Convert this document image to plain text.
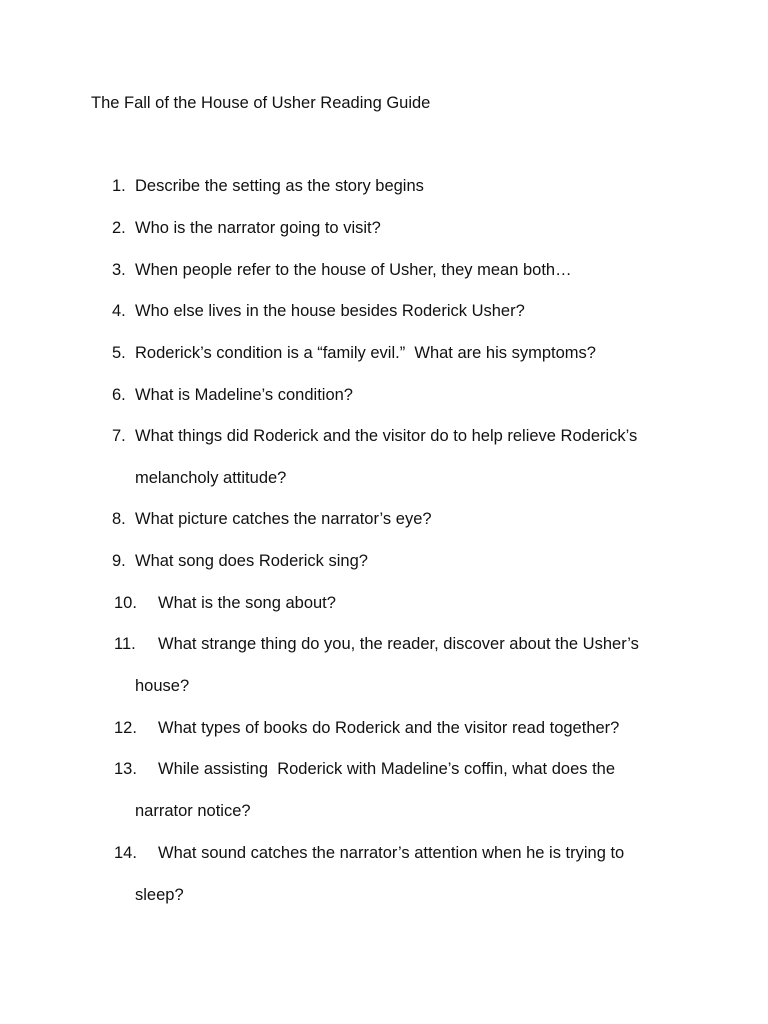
The Fall of the House of Usher Reading Guide
1. Describe the setting as the story begins
2. Who is the narrator going to visit?
3. When people refer to the house of Usher, they mean both…
4. Who else lives in the house besides Roderick Usher?
5. Roderick’s condition is a “family evil.”  What are his symptoms?
6. What is Madeline’s condition?
7. What things did Roderick and the visitor do to help relieve Roderick’s
melancholy attitude?
8. What picture catches the narrator’s eye?
9. What song does Roderick sing?
10. What is the song about?
11. What strange thing do you, the reader, discover about the Usher’s
house?
12. What types of books do Roderick and the visitor read together?
13. While assisting  Roderick with Madeline’s coffin, what does the
narrator notice?
14. What sound catches the narrator’s attention when he is trying to
sleep?
